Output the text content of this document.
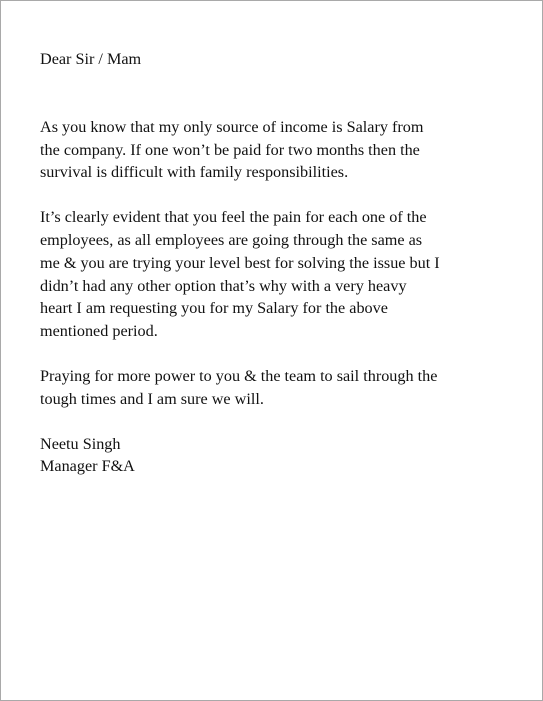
Dear Sir / Mam

As you know that my only source of income is Salary from
the company. If one won’t be paid for two months then the
survival is difficult with family responsibilities.

It’s clearly evident that you feel the pain for each one of the
employees, as all employees are going through the same as
me & you are trying your level best for solving the issue but I
didn’t had any other option that’s why with a very heavy
heart I am requesting you for my Salary for the above
mentioned period.

Praying for more power to you & the team to sail through the
tough times and I am sure we will.

Neetu Singh

Manager F&A
